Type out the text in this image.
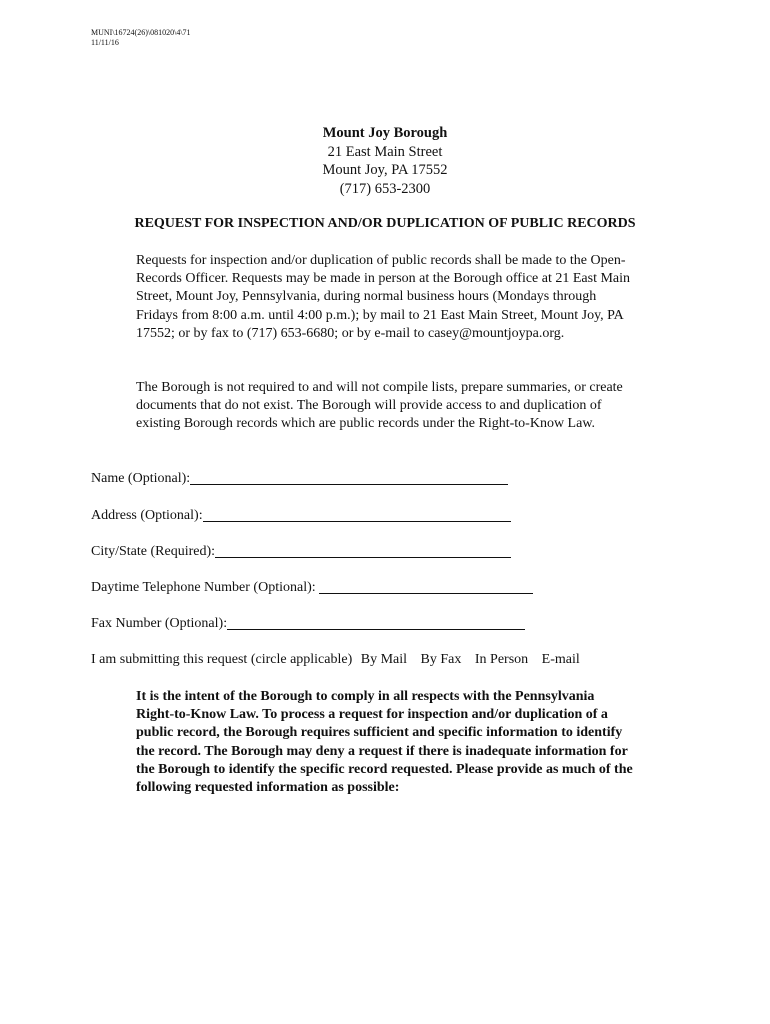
MUNI\16724(26)\081020\4\71
11/11/16
Mount Joy Borough
21 East Main Street
Mount Joy, PA 17552
(717) 653-2300
REQUEST FOR INSPECTION AND/OR DUPLICATION OF PUBLIC RECORDS

Requests for inspection and/or duplication of public records shall be made to the Open-Records Officer. Requests may be made in person at the Borough office at 21 East Main Street, Mount Joy, Pennsylvania, during normal business hours (Mondays through Fridays from 8:00 a.m. until 4:00 p.m.); by mail to 21 East Main Street, Mount Joy, PA 17552; or by fax to (717) 653-6680; or by e-mail to casey@mountjoypa.org.

The Borough is not required to and will not compile lists, prepare summaries, or create documents that do not exist. The Borough will provide access to and duplication of existing Borough records which are public records under the Right-to-Know Law.

Name (Optional):
Address (Optional):
City/State (Required):
Daytime Telephone Number (Optional):
Fax Number (Optional):
I am submitting this request (circle applicable) By Mail By Fax In Person E-mail

It is the intent of the Borough to comply in all respects with the Pennsylvania Right-to-Know Law. To process a request for inspection and/or duplication of a public record, the Borough requires sufficient and specific information to identify the record. The Borough may deny a request if there is inadequate information for the Borough to identify the specific record requested. Please provide as much of the following requested information as possible:
